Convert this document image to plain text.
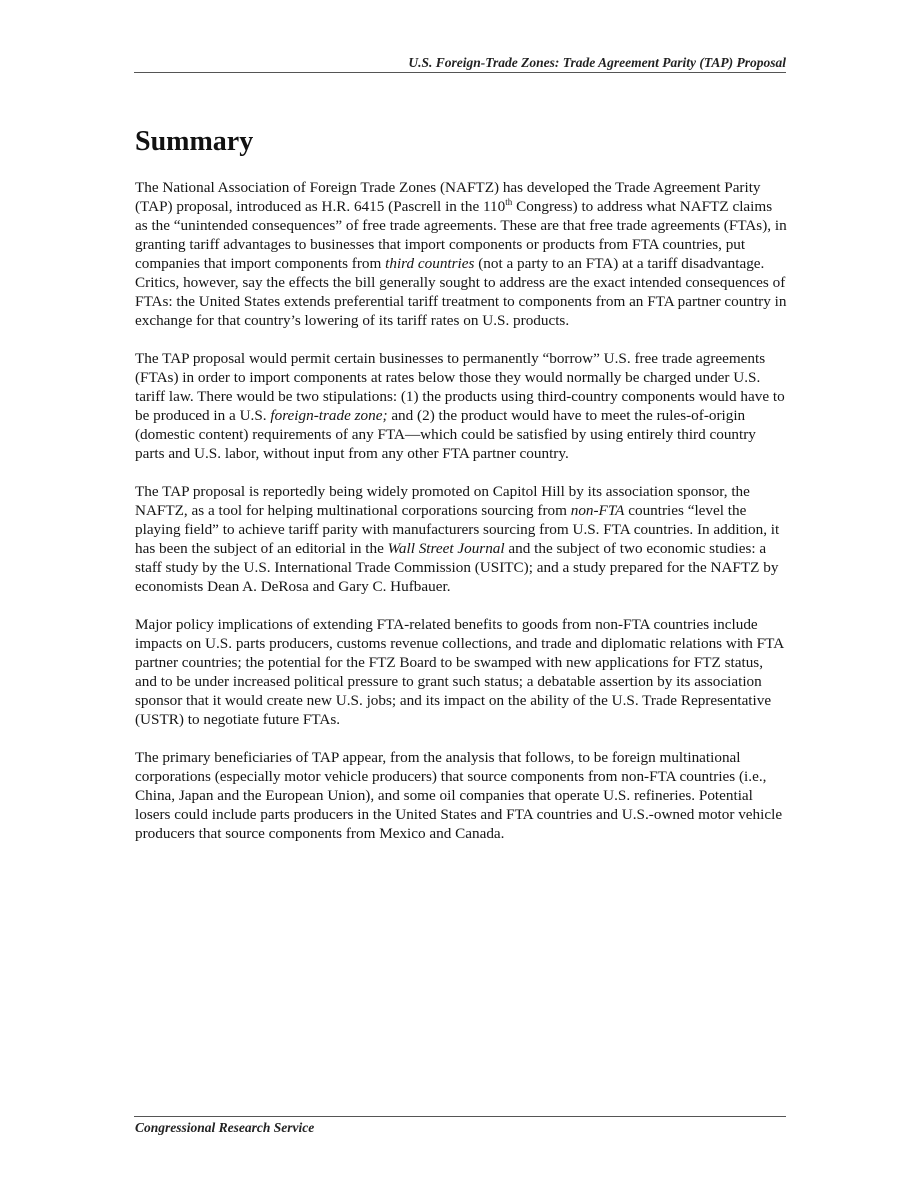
U.S. Foreign-Trade Zones: Trade Agreement Parity (TAP) Proposal
Summary

The National Association of Foreign Trade Zones (NAFTZ) has developed the Trade Agreement Parity (TAP) proposal, introduced as H.R. 6415 (Pascrell in the 110th Congress) to address what NAFTZ claims as the “unintended consequences” of free trade agreements. These are that free trade agreements (FTAs), in granting tariff advantages to businesses that import components or products from FTA countries, put companies that import components from third countries (not a party to an FTA) at a tariff disadvantage. Critics, however, say the effects the bill generally sought to address are the exact intended consequences of FTAs: the United States extends preferential tariff treatment to components from an FTA partner country in exchange for that country’s lowering of its tariff rates on U.S. products.

The TAP proposal would permit certain businesses to permanently “borrow” U.S. free trade agreements (FTAs) in order to import components at rates below those they would normally be charged under U.S. tariff law. There would be two stipulations: (1) the products using third-country components would have to be produced in a U.S. foreign-trade zone; and (2) the product would have to meet the rules-of-origin (domestic content) requirements of any FTA—which could be satisfied by using entirely third country parts and U.S. labor, without input from any other FTA partner country.

The TAP proposal is reportedly being widely promoted on Capitol Hill by its association sponsor, the NAFTZ, as a tool for helping multinational corporations sourcing from non-FTA countries “level the playing field” to achieve tariff parity with manufacturers sourcing from U.S. FTA countries. In addition, it has been the subject of an editorial in the Wall Street Journal and the subject of two economic studies: a staff study by the U.S. International Trade Commission (USITC); and a study prepared for the NAFTZ by economists Dean A. DeRosa and Gary C. Hufbauer.

Major policy implications of extending FTA-related benefits to goods from non-FTA countries include impacts on U.S. parts producers, customs revenue collections, and trade and diplomatic relations with FTA partner countries; the potential for the FTZ Board to be swamped with new applications for FTZ status, and to be under increased political pressure to grant such status; a debatable assertion by its association sponsor that it would create new U.S. jobs; and its impact on the ability of the U.S. Trade Representative (USTR) to negotiate future FTAs.

The primary beneficiaries of TAP appear, from the analysis that follows, to be foreign multinational corporations (especially motor vehicle producers) that source components from non-FTA countries (i.e., China, Japan and the European Union), and some oil companies that operate U.S. refineries. Potential losers could include parts producers in the United States and FTA countries and U.S.-owned motor vehicle producers that source components from Mexico and Canada.

Congressional Research Service
